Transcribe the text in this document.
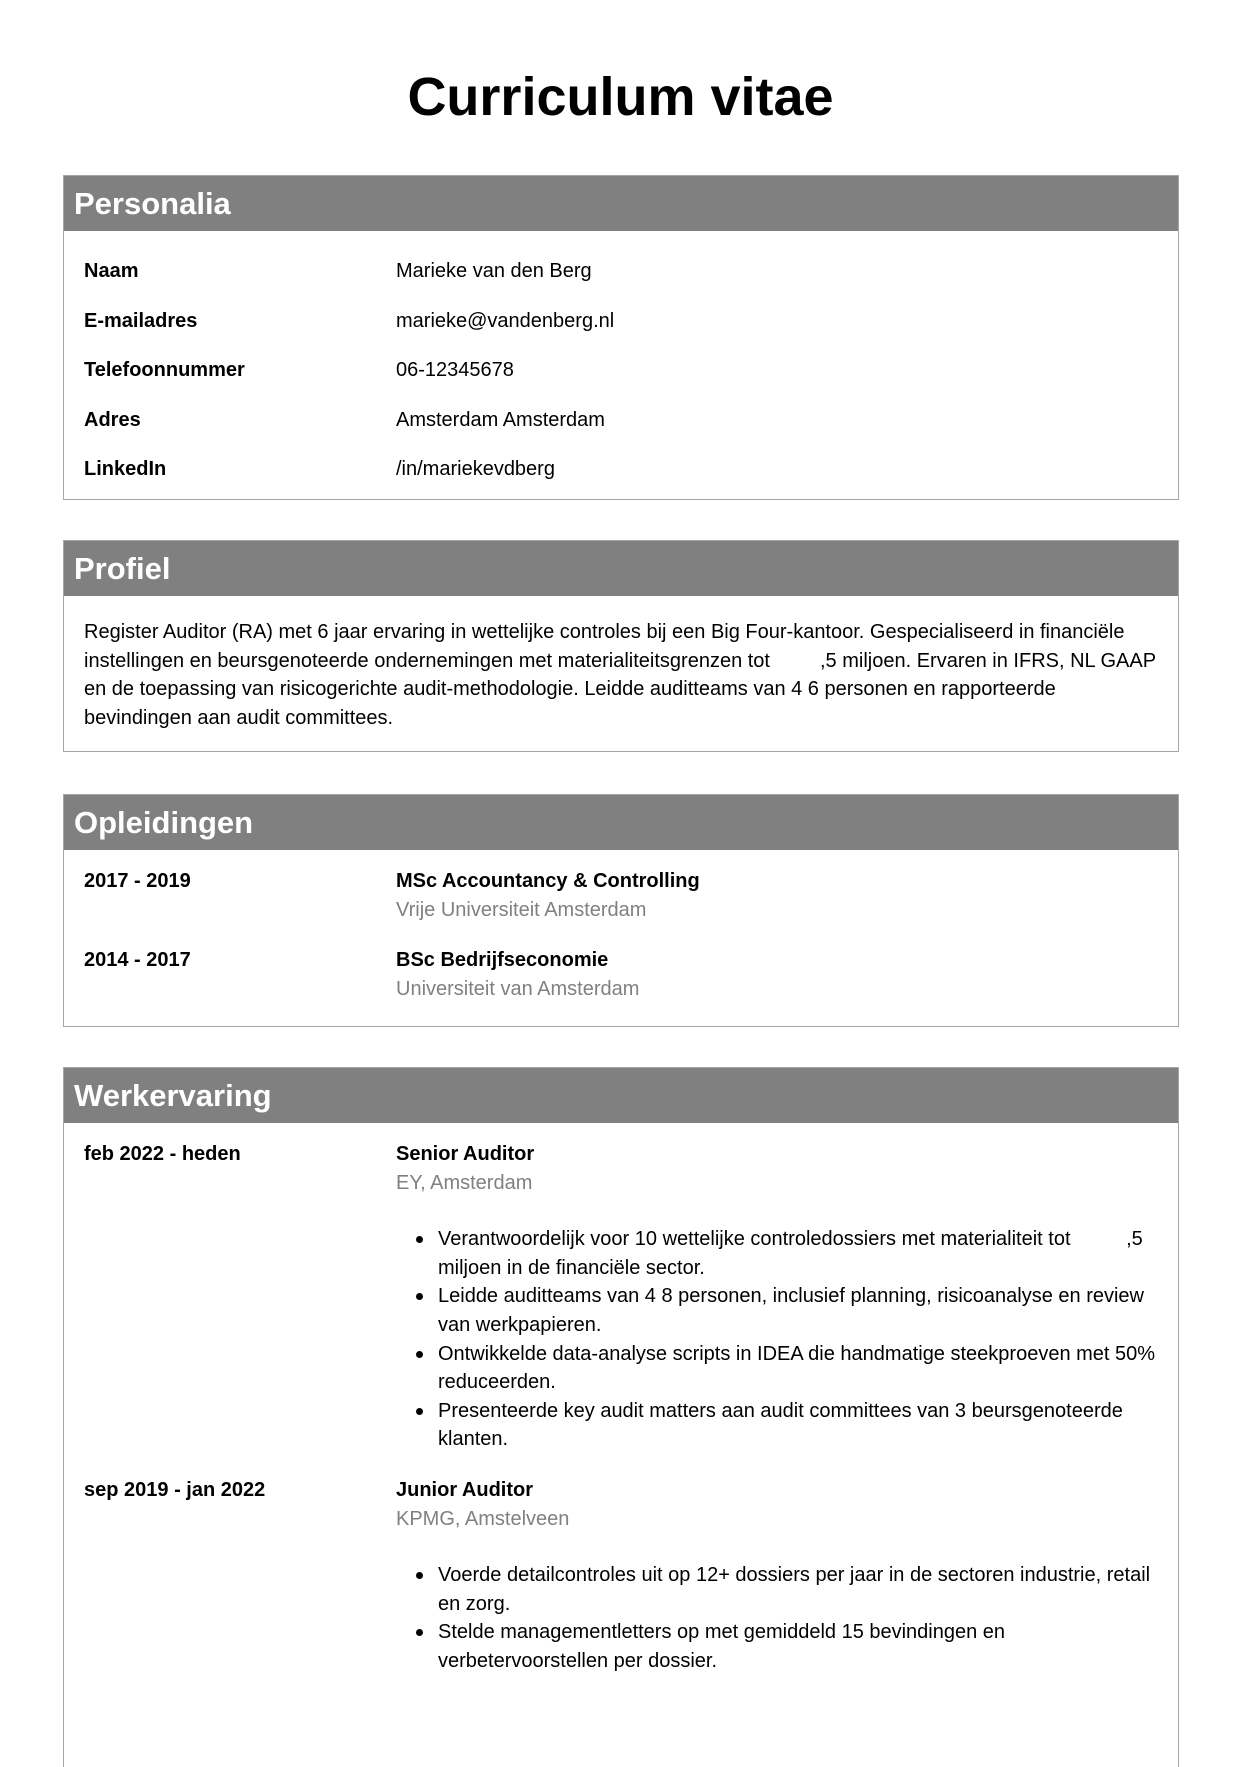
Curriculum vitae
Personalia
Naam	Marieke van den Berg
E-mailadres	marieke@vandenberg.nl
Telefoonnummer	06-12345678
Adres	Amsterdam Amsterdam
LinkedIn	/in/mariekevdberg
Profiel

Register Auditor (RA) met 6 jaar ervaring in wettelijke controles bij een Big Four-kantoor. Gespecialiseerd in financiële instellingen en beursgenoteerde ondernemingen met materialiteitsgrenzen tot	,5 miljoen. Ervaren in IFRS, NL GAAP en de toepassing van risicogerichte audit-methodologie. Leidde auditteams van 4 6 personen en rapporteerde bevindingen aan audit committees.

Opleidingen
2017 - 2019	MSc Accountancy & Controlling
Vrije Universiteit Amsterdam
2014 - 2017	BSc Bedrijfseconomie
Universiteit van Amsterdam
Werkervaring
feb 2022 - heden	Senior Auditor
EY, Amsterdam
Verantwoordelijk voor 10 wettelijke controledossiers met materialiteit tot	,5 miljoen in de financiële sector.
Leidde auditteams van 4 8 personen, inclusief planning, risicoanalyse en review van werkpapieren.
Ontwikkelde data-analyse scripts in IDEA die handmatige steekproeven met 50% reduceerden.
Presenteerde key audit matters aan audit committees van 3 beursgenoteerde klanten.
sep 2019 - jan 2022	Junior Auditor
KPMG, Amstelveen
Voerde detailcontroles uit op 12+ dossiers per jaar in de sectoren industrie, retail en zorg.
Stelde managementletters op met gemiddeld 15 bevindingen en verbetervoorstellen per dossier.
